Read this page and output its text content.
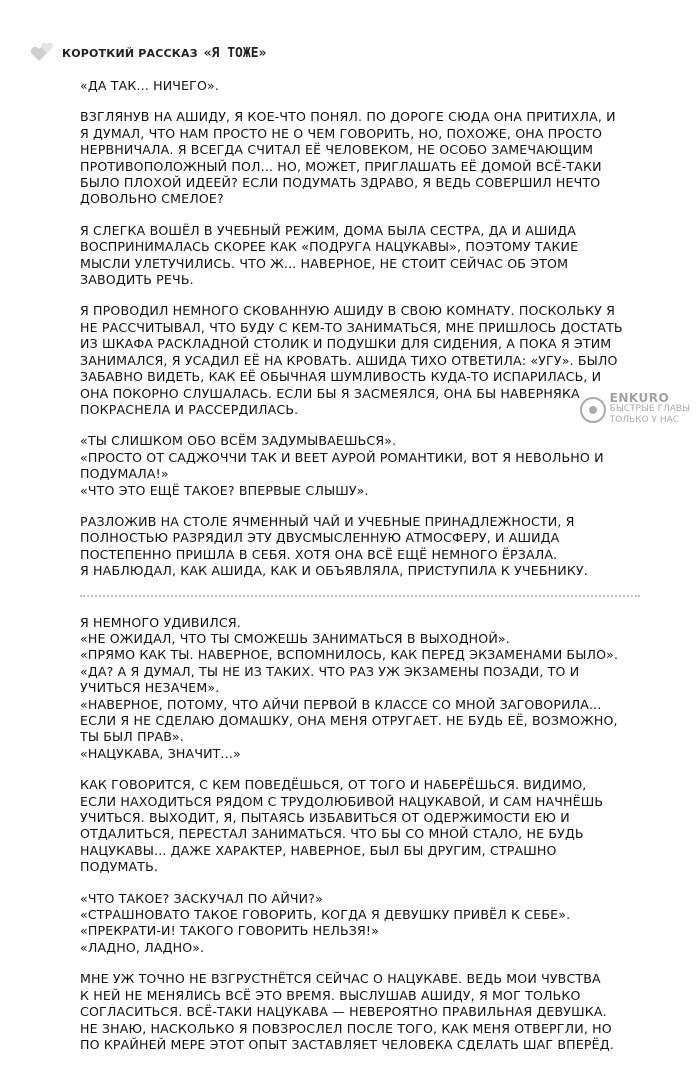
КОРОТКИЙ РАССКАЗ «Я ТОЖЕ»
ENKURO
БЫСТРЫЕ ГЛАВЫ
ТОЛЬКО У НАС
«ДА ТАК... НИЧЕГО».
ВЗГЛЯНУВ НА АШИДУ, Я КОЕ-ЧТО ПОНЯЛ. ПО ДОРОГЕ СЮДА ОНА ПРИТИХЛА, И
Я ДУМАЛ, ЧТО НАМ ПРОСТО НЕ О ЧЕМ ГОВОРИТЬ, НО, ПОХОЖЕ, ОНА ПРОСТО
НЕРВНИЧАЛА. Я ВСЕГДА СЧИТАЛ ЕЁ ЧЕЛОВЕКОМ, НЕ ОСОБО ЗАМЕЧАЮЩИМ
ПРОТИВОПОЛОЖНЫЙ ПОЛ... НО, МОЖЕТ, ПРИГЛАШАТЬ ЕЁ ДОМОЙ ВСЁ-ТАКИ
БЫЛО ПЛОХОЙ ИДЕЕЙ? ЕСЛИ ПОДУМАТЬ ЗДРАВО, Я ВЕДЬ СОВЕРШИЛ НЕЧТО
ДОВОЛЬНО СМЕЛОЕ?
Я СЛЕГКА ВОШЁЛ В УЧЕБНЫЙ РЕЖИМ, ДОМА БЫЛА СЕСТРА, ДА И АШИДА
ВОСПРИНИМАЛАСЬ СКОРЕЕ КАК «ПОДРУГА НАЦУКАВЫ», ПОЭТОМУ ТАКИЕ
МЫСЛИ УЛЕТУЧИЛИСЬ. ЧТО Ж... НАВЕРНОЕ, НЕ СТОИТ СЕЙЧАС ОБ ЭТОМ
ЗАВОДИТЬ РЕЧЬ.
Я ПРОВОДИЛ НЕМНОГО СКОВАННУЮ АШИДУ В СВОЮ КОМНАТУ. ПОСКОЛЬКУ Я
НЕ РАССЧИТЫВАЛ, ЧТО БУДУ С КЕМ-ТО ЗАНИМАТЬСЯ, МНЕ ПРИШЛОСЬ ДОСТАТЬ
ИЗ ШКАФА РАСКЛАДНОЙ СТОЛИК И ПОДУШКИ ДЛЯ СИДЕНИЯ, А ПОКА Я ЭТИМ
ЗАНИМАЛСЯ, Я УСАДИЛ ЕЁ НА КРОВАТЬ. АШИДА ТИХО ОТВЕТИЛА: «УГУ». БЫЛО
ЗАБАВНО ВИДЕТЬ, КАК ЕЁ ОБЫЧНАЯ ШУМЛИВОСТЬ КУДА-ТО ИСПАРИЛАСЬ, И
ОНА ПОКОРНО СЛУШАЛАСЬ. ЕСЛИ БЫ Я ЗАСМЕЯЛСЯ, ОНА БЫ НАВЕРНЯКА
ПОКРАСНЕЛА И РАССЕРДИЛАСЬ.
«ТЫ СЛИШКОМ ОБО ВСЁМ ЗАДУМЫВАЕШЬСЯ».
«ПРОСТО ОТ САДЖОЧЧИ ТАК И ВЕЕТ АУРОЙ РОМАНТИКИ, ВОТ Я НЕВОЛЬНО И
ПОДУМАЛА!»
«ЧТО ЭТО ЕЩЁ ТАКОЕ? ВПЕРВЫЕ СЛЫШУ».
РАЗЛОЖИВ НА СТОЛЕ ЯЧМЕННЫЙ ЧАЙ И УЧЕБНЫЕ ПРИНАДЛЕЖНОСТИ, Я
ПОЛНОСТЬЮ РАЗРЯДИЛ ЭТУ ДВУСМЫСЛЕННУЮ АТМОСФЕРУ, И АШИДА
ПОСТЕПЕННО ПРИШЛА В СЕБЯ. ХОТЯ ОНА ВСЁ ЕЩЁ НЕМНОГО ЁРЗАЛА.
Я НАБЛЮДАЛ, КАК АШИДА, КАК И ОБЪЯВЛЯЛА, ПРИСТУПИЛА К УЧЕБНИКУ.
Я НЕМНОГО УДИВИЛСЯ.
«НЕ ОЖИДАЛ, ЧТО ТЫ СМОЖЕШЬ ЗАНИМАТЬСЯ В ВЫХОДНОЙ».
«ПРЯМО КАК ТЫ. НАВЕРНОЕ, ВСПОМНИЛОСЬ, КАК ПЕРЕД ЭКЗАМЕНАМИ БЫЛО».
«ДА? А Я ДУМАЛ, ТЫ НЕ ИЗ ТАКИХ. ЧТО РАЗ УЖ ЭКЗАМЕНЫ ПОЗАДИ, ТО И
УЧИТЬСЯ НЕЗАЧЕМ».
«НАВЕРНОЕ, ПОТОМУ, ЧТО АЙЧИ ПЕРВОЙ В КЛАССЕ СО МНОЙ ЗАГОВОРИЛА...
ЕСЛИ Я НЕ СДЕЛАЮ ДОМАШКУ, ОНА МЕНЯ ОТРУГАЕТ. НЕ БУДЬ ЕЁ, ВОЗМОЖНО,
ТЫ БЫЛ ПРАВ».
«НАЦУКАВА, ЗНАЧИТ...»
КАК ГОВОРИТСЯ, С КЕМ ПОВЕДЁШЬСЯ, ОТ ТОГО И НАБЕРЁШЬСЯ. ВИДИМО,
ЕСЛИ НАХОДИТЬСЯ РЯДОМ С ТРУДОЛЮБИВОЙ НАЦУКАВОЙ, И САМ НАЧНЁШЬ
УЧИТЬСЯ. ВЫХОДИТ, Я, ПЫТАЯСЬ ИЗБАВИТЬСЯ ОТ ОДЕРЖИМОСТИ ЕЮ И
ОТДАЛИТЬСЯ, ПЕРЕСТАЛ ЗАНИМАТЬСЯ. ЧТО БЫ СО МНОЙ СТАЛО, НЕ БУДЬ
НАЦУКАВЫ... ДАЖЕ ХАРАКТЕР, НАВЕРНОЕ, БЫЛ БЫ ДРУГИМ, СТРАШНО
ПОДУМАТЬ.
«ЧТО ТАКОЕ? ЗАСКУЧАЛ ПО АЙЧИ?»
«СТРАШНОВАТО ТАКОЕ ГОВОРИТЬ, КОГДА Я ДЕВУШКУ ПРИВЁЛ К СЕБЕ».
«ПРЕКРАТИ-И! ТАКОГО ГОВОРИТЬ НЕЛЬЗЯ!»
«ЛАДНО, ЛАДНО».
МНЕ УЖ ТОЧНО НЕ ВЗГРУСТНЁТСЯ СЕЙЧАС О НАЦУКАВЕ. ВЕДЬ МОИ ЧУВСТВА
К НЕЙ НЕ МЕНЯЛИСЬ ВСЁ ЭТО ВРЕМЯ. ВЫСЛУШАВ АШИДУ, Я МОГ ТОЛЬКО
СОГЛАСИТЬСЯ. ВСЁ-ТАКИ НАЦУКАВА — НЕВЕРОЯТНО ПРАВИЛЬНАЯ ДЕВУШКА.
НЕ ЗНАЮ, НАСКОЛЬКО Я ПОВЗРОСЛЕЛ ПОСЛЕ ТОГО, КАК МЕНЯ ОТВЕРГЛИ, НО
ПО КРАЙНЕЙ МЕРЕ ЭТОТ ОПЫТ ЗАСТАВЛЯЕТ ЧЕЛОВЕКА СДЕЛАТЬ ШАГ ВПЕРЁД.
